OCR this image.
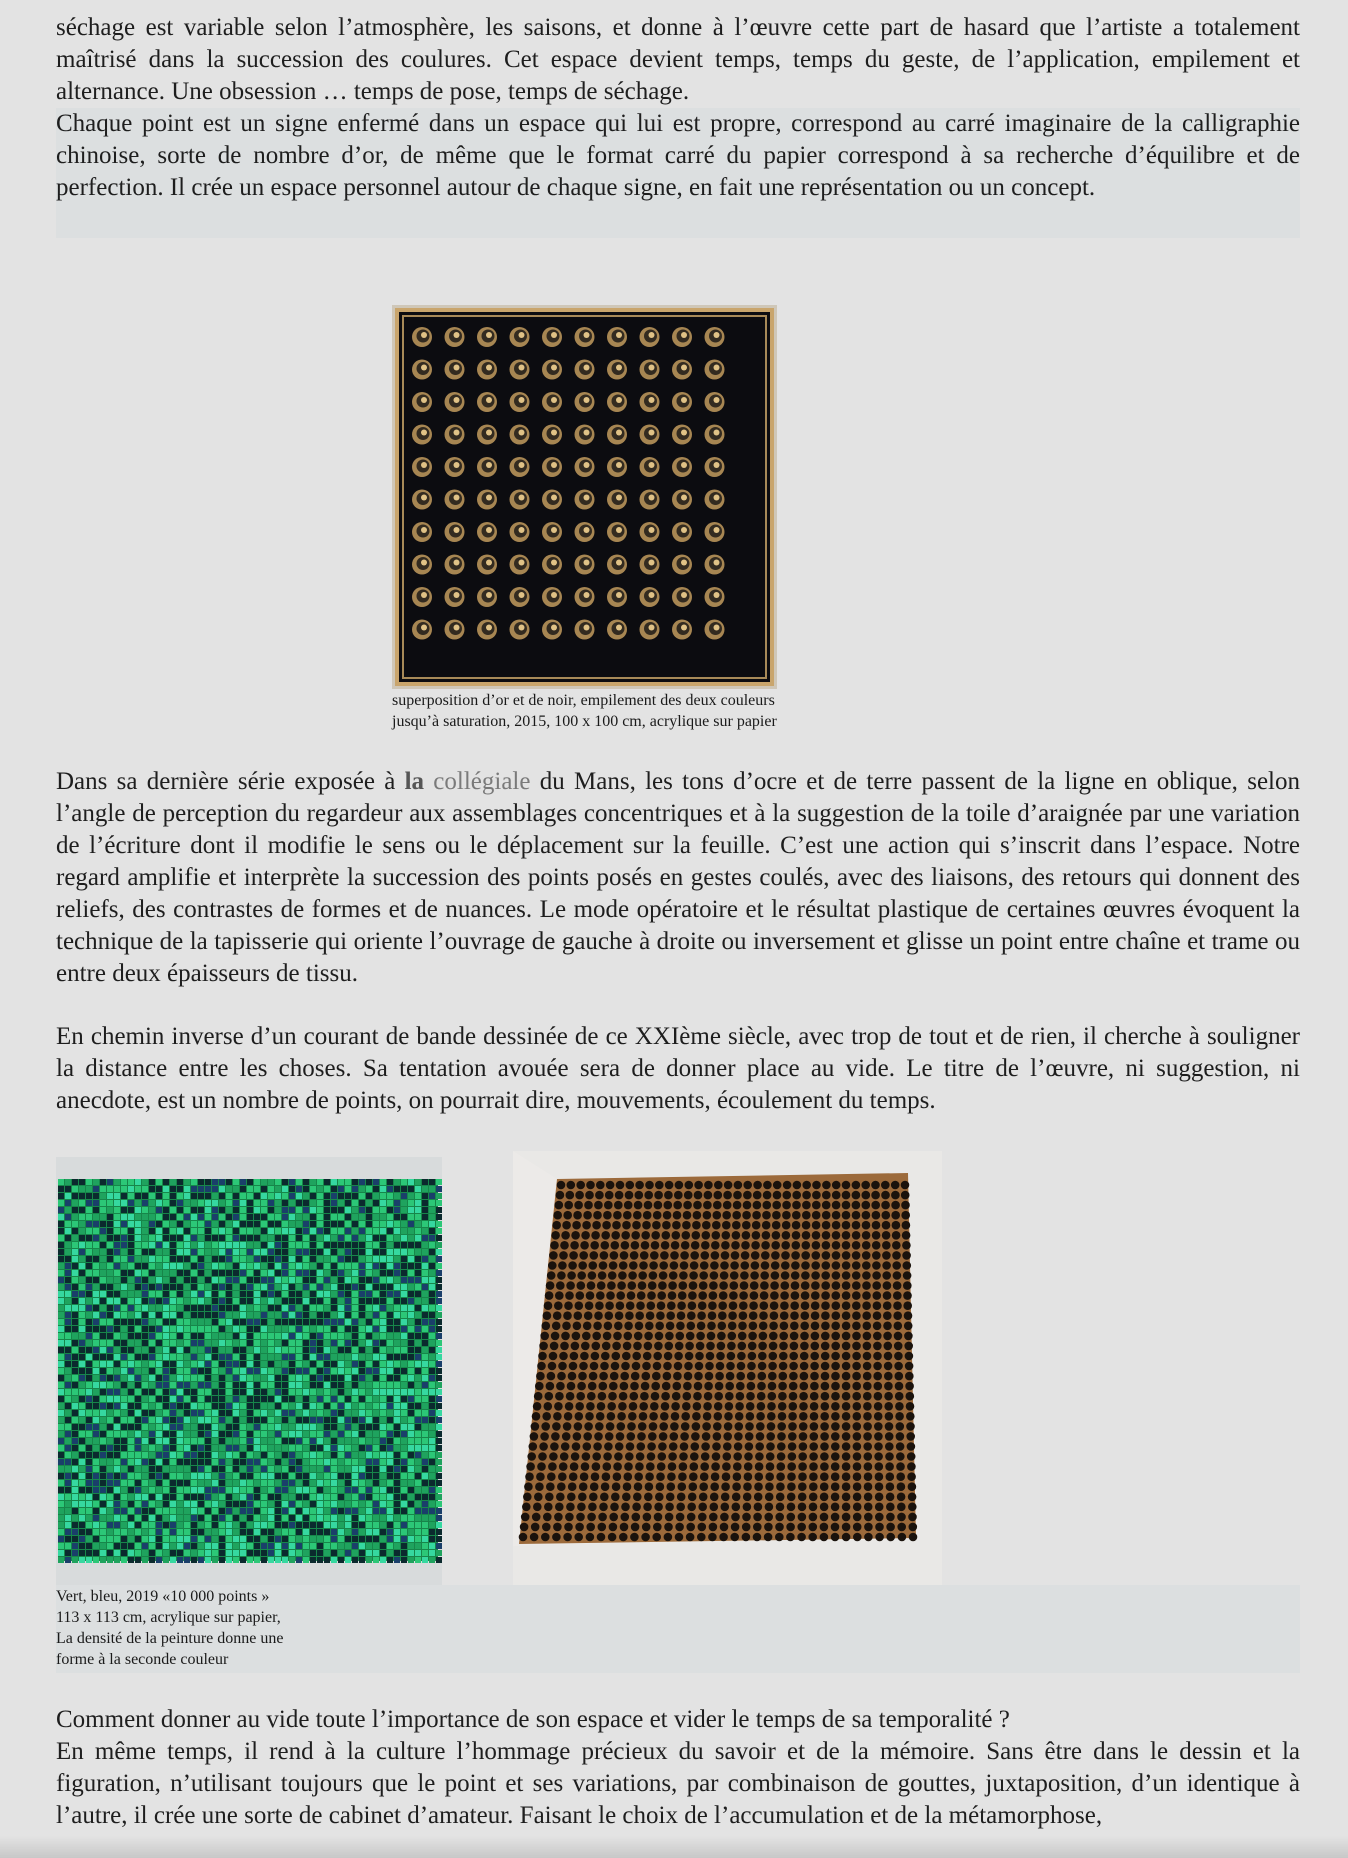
séchage est variable selon l’atmosphère, les saisons, et donne à l’œuvre cette part de hasard que l’artiste a totalement maîtrisé dans la succession des coulures. Cet espace devient temps, temps du geste, de l’application, empilement et alternance. Une obsession … temps de pose, temps de séchage.

Chaque point est un signe enfermé dans un espace qui lui est propre, correspond au carré imaginaire de la calligraphie chinoise, sorte de nombre d’or, de même que le format carré du papier correspond à sa recherche d’équilibre et de perfection. Il crée un espace personnel autour de chaque signe, en fait une représentation ou un concept.

superposition d’or et de noir, empilement des deux couleurs
jusqu’à saturation, 2015, 100 x 100 cm, acrylique sur papier

Dans sa dernière série exposée à la collégiale du Mans, les tons d’ocre et de terre passent de la ligne en oblique, selon l’angle de perception du regardeur aux assemblages concentriques et à la suggestion de la toile d’araignée par une variation de l’écriture dont il modifie le sens ou le déplacement sur la feuille. C’est une action qui s’inscrit dans l’espace. Notre regard amplifie et interprète la succession des points posés en gestes coulés, avec des liaisons, des retours qui donnent des reliefs, des contrastes de formes et de nuances. Le mode opératoire et le résultat plastique de certaines œuvres évoquent la technique de la tapisserie qui oriente l’ouvrage de gauche à droite ou inversement et glisse un point entre chaîne et trame ou entre deux épaisseurs de tissu.

En chemin inverse d’un courant de bande dessinée de ce XXIème siècle, avec trop de tout et de rien, il cherche à souligner la distance entre les choses. Sa tentation avouée sera de donner place au vide. Le titre de l’œuvre, ni suggestion, ni anecdote, est un nombre de points, on pourrait dire, mouvements, écoulement du temps.

Vert, bleu, 2019 «10 000 points »
113 x 113 cm, acrylique sur papier,
La densité de la peinture donne une
forme à la seconde couleur

Comment donner au vide toute l’importance de son espace et vider le temps de sa temporalité ?

En même temps, il rend à la culture l’hommage précieux du savoir et de la mémoire. Sans être dans le dessin et la figuration, n’utilisant toujours que le point et ses variations, par combinaison de gouttes, juxtaposition, d’un identique à l’autre, il crée une sorte de cabinet d’amateur. Faisant le choix de l’accumulation et de la métamorphose,
